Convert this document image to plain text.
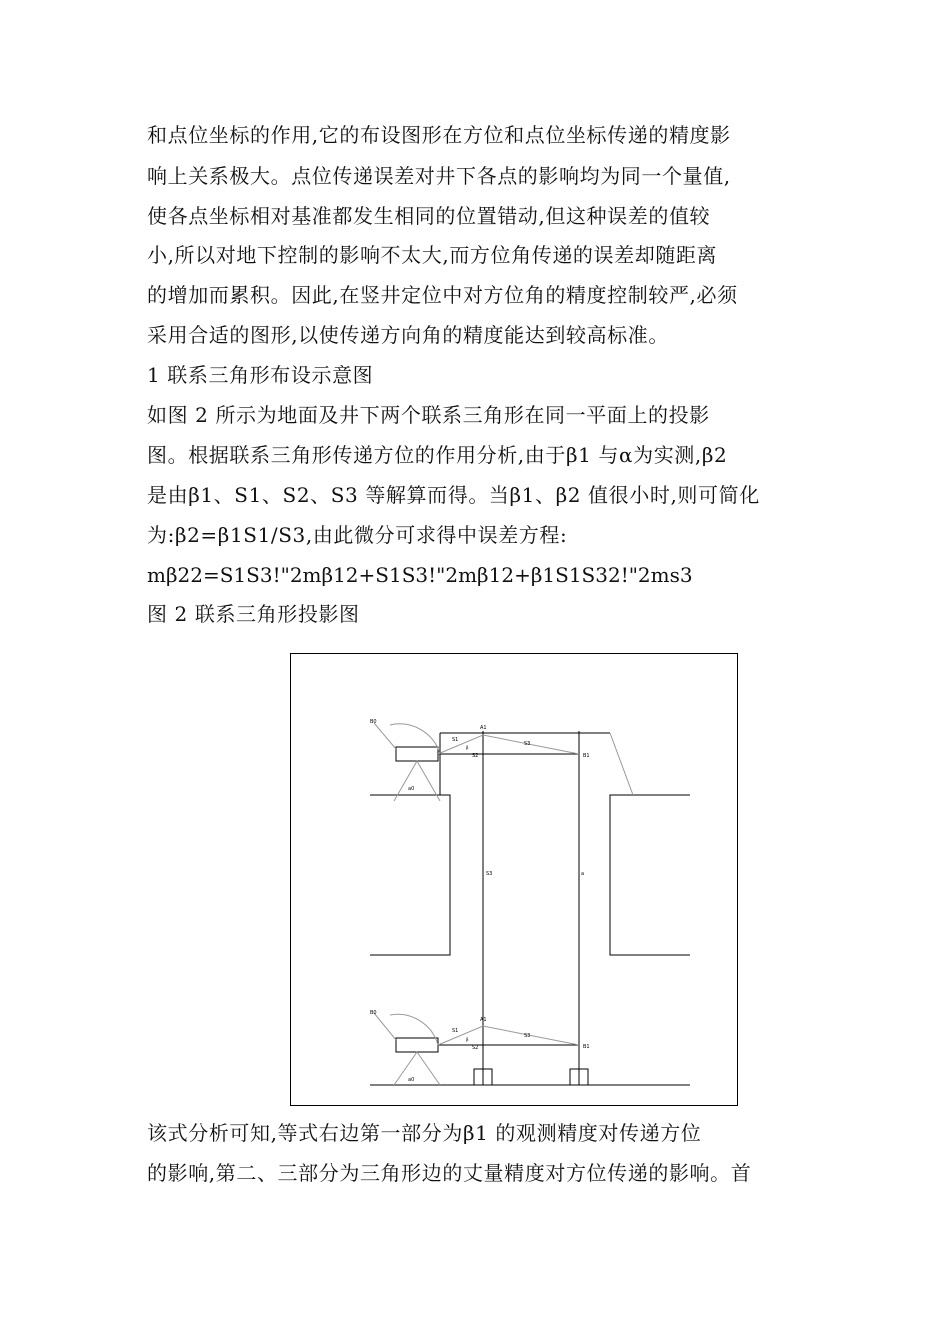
和点位坐标的作用,它的布设图形在方位和点位坐标传递的精度影
响上关系极大。点位传递误差对井下各点的影响均为同一个量值,
使各点坐标相对基准都发生相同的位置错动,但这种误差的值较
小,所以对地下控制的影响不太大,而方位角传递的误差却随距离
的增加而累积。因此,在竖井定位中对方位角的精度控制较严,必须
采用合适的图形,以使传递方向角的精度能达到较高标准。
1 联系三角形布设示意图
如图 2 所示为地面及井下两个联系三角形在同一平面上的投影
图。根据联系三角形传递方位的作用分析,由于β1 与α为实测,β2
是由β1、S1、S2、S3 等解算而得。当β1、β2 值很小时,则可简化
为:β2=β1S1/S3,由此微分可求得中误差方程:
mβ22=S1S3!"2mβ12+S1S3!"2mβ12+β1S1S32!"2ms3
图 2 联系三角形投影图
B0
a0
S1
S2
S3
A1
B1
β
S3	a
B0
a0
S1
S2
S3
A1
B1
β
该式分析可知,等式右边第一部分为β1 的观测精度对传递方位
的影响,第二、三部分为三角形边的丈量精度对方位传递的影响。首
